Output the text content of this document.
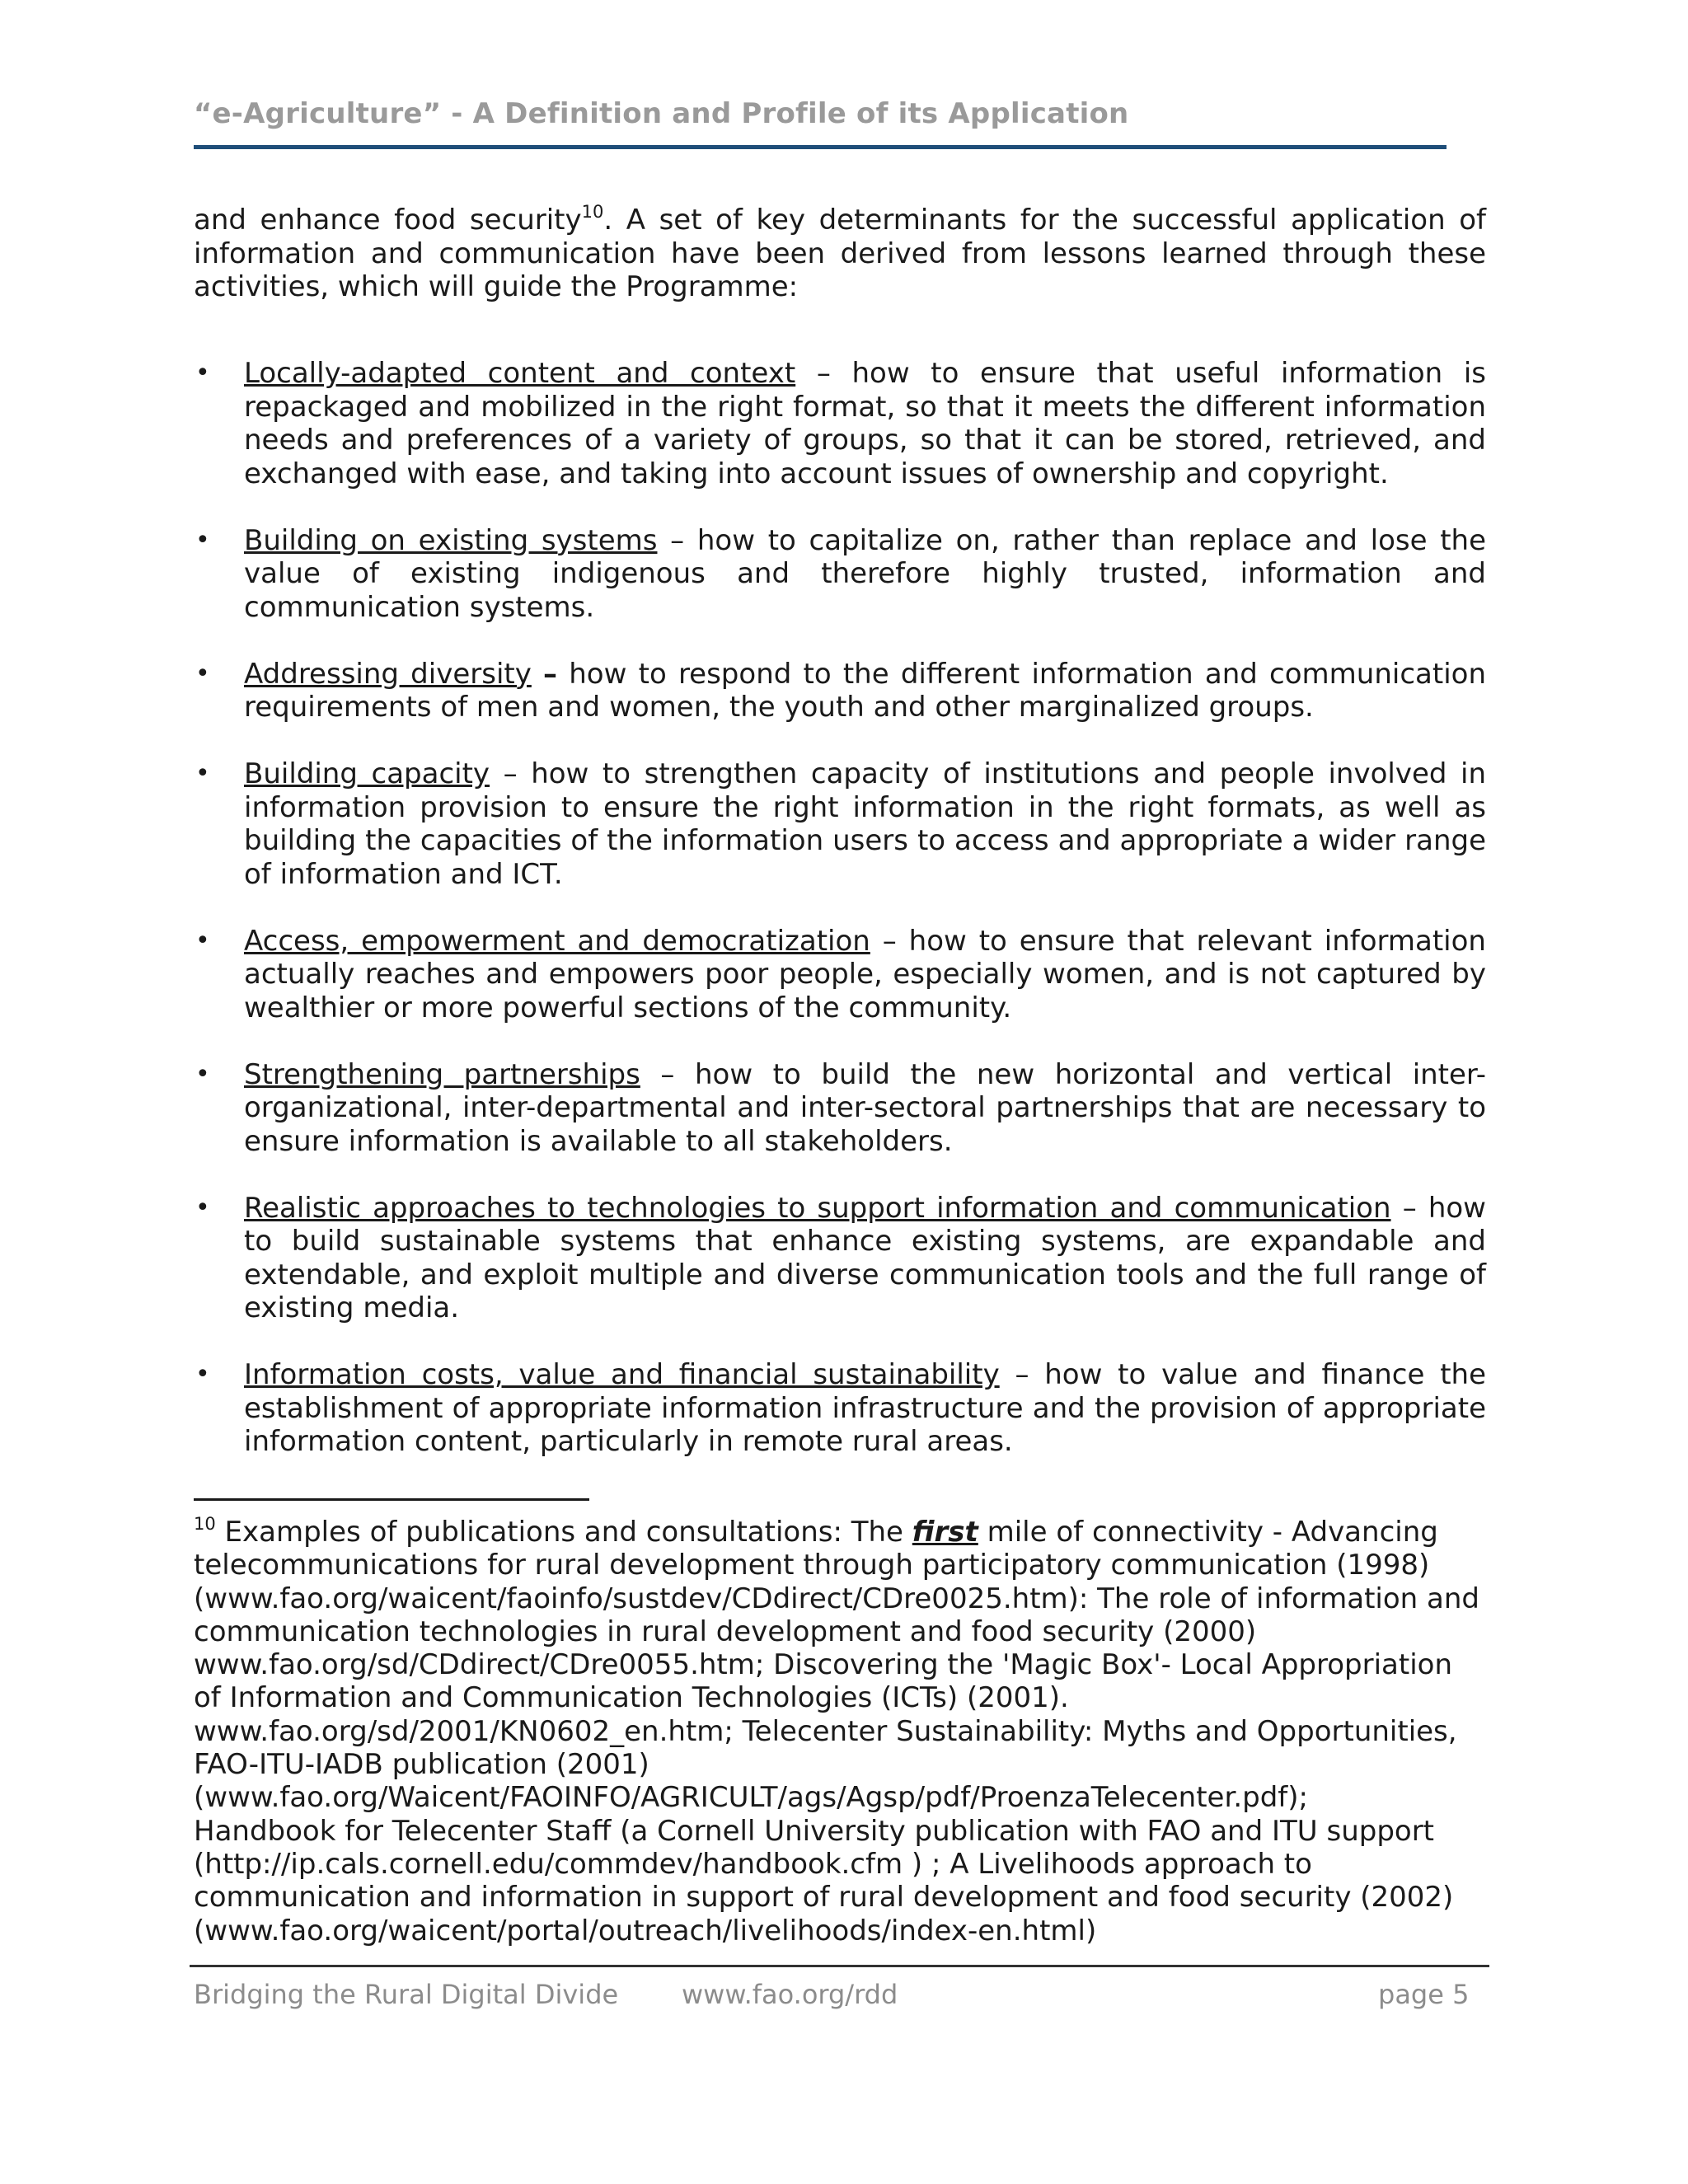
“e-Agriculture” - A Definition and Profile of its Application
and enhance food security$^{10}$. A set of key determinants for the successful application of information and communication have been derived from lessons learned through these activities, which will guide the Programme:
• Locally-adapted content and context – how to ensure that useful information is repackaged and mobilized in the right format, so that it meets the different information needs and preferences of a variety of groups, so that it can be stored, retrieved, and exchanged with ease, and taking into account issues of ownership and copyright.
• Building on existing systems – how to capitalize on, rather than replace and lose the value of existing indigenous and therefore highly trusted, information and communication systems.
• Addressing diversity – how to respond to the different information and communication requirements of men and women, the youth and other marginalized groups.
• Building capacity – how to strengthen capacity of institutions and people involved in information provision to ensure the right information in the right formats, as well as building the capacities of the information users to access and appropriate a wider range of information and ICT.
• Access, empowerment and democratization – how to ensure that relevant information actually reaches and empowers poor people, especially women, and is not captured by wealthier or more powerful sections of the community.
• Strengthening partnerships – how to build the new horizontal and vertical inter-organizational, inter-departmental and inter-sectoral partnerships that are necessary to ensure information is available to all stakeholders.
• Realistic approaches to technologies to support information and communication – how to build sustainable systems that enhance existing systems, are expandable and extendable, and exploit multiple and diverse communication tools and the full range of existing media.
• Information costs, value and financial sustainability – how to value and finance the establishment of appropriate information infrastructure and the provision of appropriate information content, particularly in remote rural areas.
$^{10}$ Examples of publications and consultations: The first mile of connectivity - Advancing
telecommunications for rural development through participatory communication (1998)
(www.fao.org/waicent/faoinfo/sustdev/CDdirect/CDre0025.htm): The role of information and
communication technologies in rural development and food security (2000)
www.fao.org/sd/CDdirect/CDre0055.htm; Discovering the 'Magic Box'- Local Appropriation
of Information and Communication Technologies (ICTs) (2001).
www.fao.org/sd/2001/KN0602_en.htm; Telecenter Sustainability: Myths and Opportunities,
FAO-ITU-IADB publication (2001)
(www.fao.org/Waicent/FAOINFO/AGRICULT/ags/Agsp/pdf/ProenzaTelecenter.pdf);
Handbook for Telecenter Staff (a Cornell University publication with FAO and ITU support
(http://ip.cals.cornell.edu/commdev/handbook.cfm ) ; A Livelihoods approach to
communication and information in support of rural development and food security (2002)
(www.fao.org/waicent/portal/outreach/livelihoods/index-en.html)
Bridging the Rural Digital Divide www.fao.org/rdd	page 5
